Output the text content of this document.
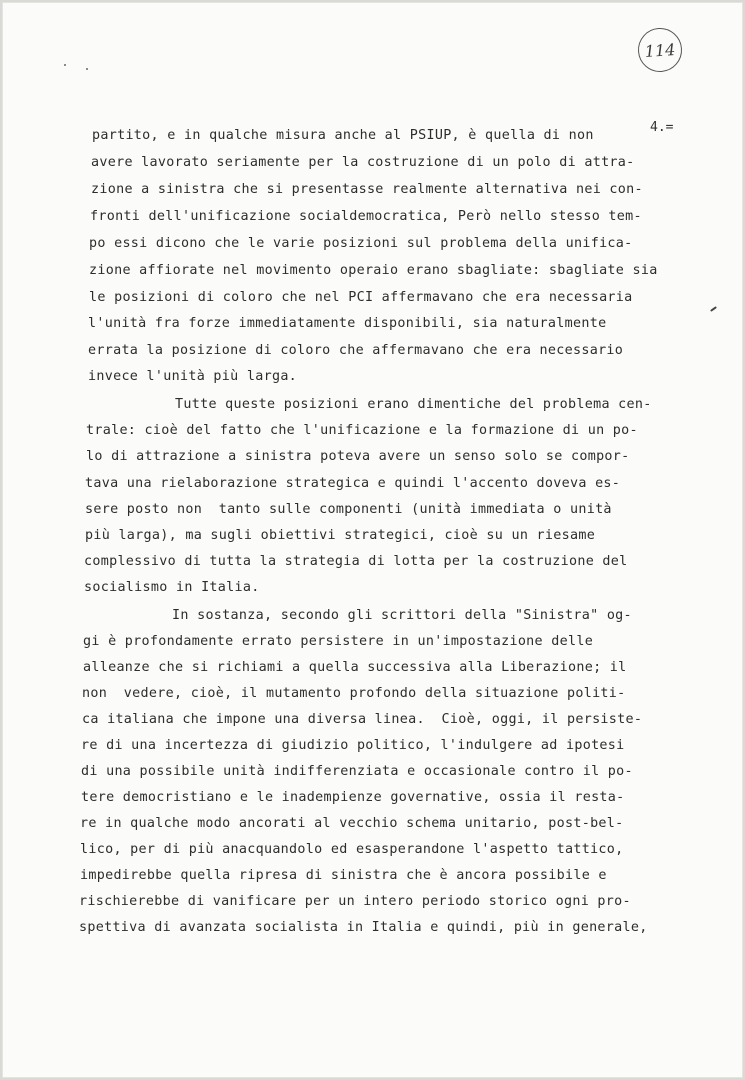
114
4.=

partito, e in qualche misura anche al PSIUP, è quella di non

avere lavorato seriamente per la costruzione di un polo di attra-

zione a sinistra che si presentasse realmente alternativa nei con-

fronti dell'unificazione socialdemocratica, Però nello stesso tem-

po essi dicono che le varie posizioni sul problema della unifica-

zione affiorate nel movimento operaio erano sbagliate: sbagliate sia

le posizioni di coloro che nel PCI affermavano che era necessaria

l'unità fra forze immediatamente disponibili, sia naturalmente

errata la posizione di coloro che affermavano che era necessario

invece l'unità più larga.

Tutte queste posizioni erano dimentiche del problema cen-

trale: cioè del fatto che l'unificazione e la formazione di un po-

lo di attrazione a sinistra poteva avere un senso solo se compor-

tava una rielaborazione strategica e quindi l'accento doveva es-

sere posto non  tanto sulle componenti (unità immediata o unità

più larga), ma sugli obiettivi strategici, cioè su un riesame

complessivo di tutta la strategia di lotta per la costruzione del

socialismo in Italia.

In sostanza, secondo gli scrittori della "Sinistra" og-

gi è profondamente errato persistere in un'impostazione delle

alleanze che si richiami a quella successiva alla Liberazione; il

non  vedere, cioè, il mutamento profondo della situazione politi-

ca italiana che impone una diversa linea.  Cioè, oggi, il persiste-

re di una incertezza di giudizio politico, l'indulgere ad ipotesi

di una possibile unità indifferenziata e occasionale contro il po-

tere democristiano e le inadempienze governative, ossia il resta-

re in qualche modo ancorati al vecchio schema unitario, post-bel-

lico, per di più anacquandolo ed esasperandone l'aspetto tattico,

impedirebbe quella ripresa di sinistra che è ancora possibile e

rischierebbe di vanificare per un intero periodo storico ogni pro-

spettiva di avanzata socialista in Italia e quindi, più in generale,
